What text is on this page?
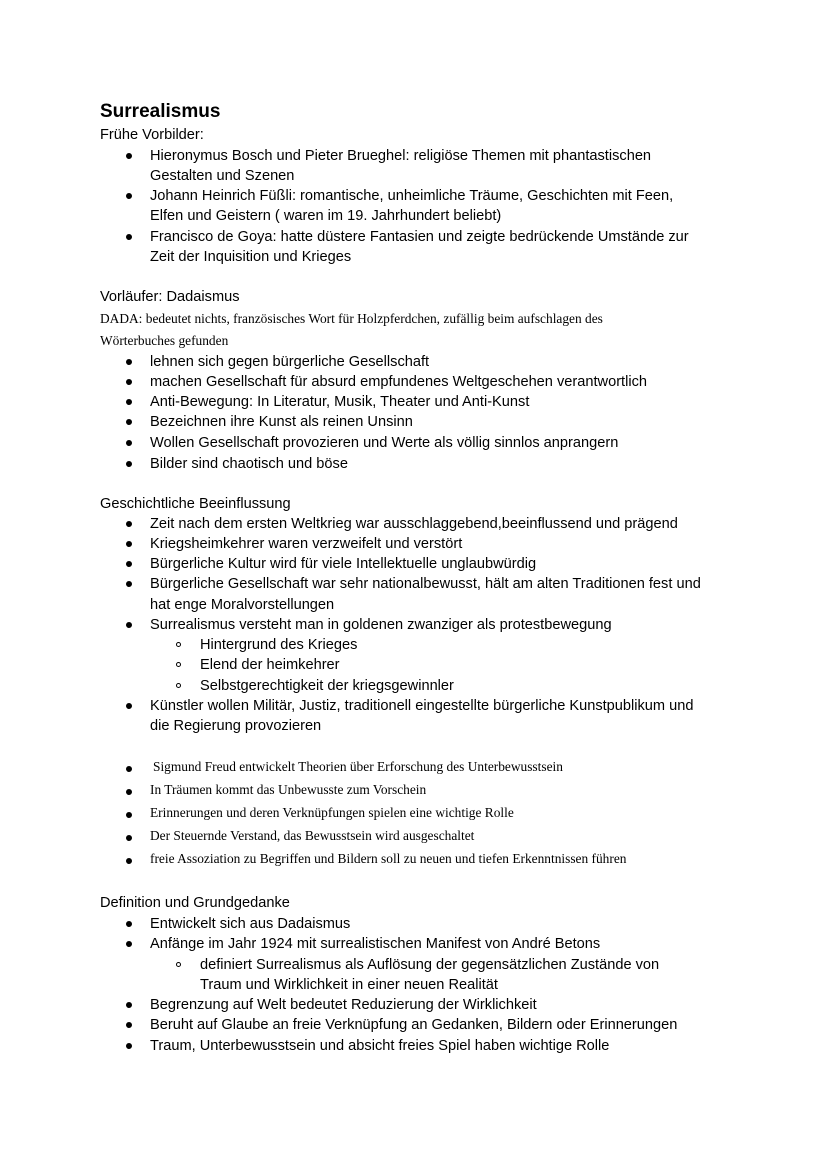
Surrealismus
Frühe Vorbilder:
Hieronymus Bosch und Pieter Brueghel: religiöse Themen mit phantastischen
Gestalten und Szenen
Johann Heinrich Füßli: romantische, unheimliche Träume, Geschichten mit Feen,
Elfen und Geistern ( waren im 19. Jahrhundert beliebt)
Francisco de Goya: hatte düstere Fantasien und zeigte bedrückende Umstände zur
Zeit der Inquisition und Krieges
Vorläufer: Dadaismus
DADA: bedeutet nichts, französisches Wort für Holzpferdchen, zufällig beim aufschlagen des
Wörterbuches gefunden
lehnen sich gegen bürgerliche Gesellschaft
machen Gesellschaft für absurd empfundenes Weltgeschehen verantwortlich
Anti-Bewegung: In Literatur, Musik, Theater und Anti-Kunst
Bezeichnen ihre Kunst als reinen Unsinn
Wollen Gesellschaft provozieren und Werte als völlig sinnlos anprangern
Bilder sind chaotisch und böse
Geschichtliche Beeinflussung
Zeit nach dem ersten Weltkrieg war ausschlaggebend,beeinflussend und prägend
Kriegsheimkehrer waren verzweifelt und verstört
Bürgerliche Kultur wird für viele Intellektuelle unglaubwürdig
Bürgerliche Gesellschaft war sehr nationalbewusst, hält am alten Traditionen fest und
hat enge Moralvorstellungen
Surrealismus versteht man in goldenen zwanziger als protestbewegung
Hintergrund des Krieges
Elend der heimkehrer
Selbstgerechtigkeit der kriegsgewinnler
Künstler wollen Militär, Justiz, traditionell eingestellte bürgerliche Kunstpublikum und
die Regierung provozieren
Sigmund Freud entwickelt Theorien über Erforschung des Unterbewusstsein
In Träumen kommt das Unbewusste zum Vorschein
Erinnerungen und deren Verknüpfungen spielen eine wichtige Rolle
Der Steuernde Verstand, das Bewusstsein wird ausgeschaltet
freie Assoziation zu Begriffen und Bildern soll zu neuen und tiefen Erkenntnissen führen
Definition und Grundgedanke
Entwickelt sich aus Dadaismus
Anfänge im Jahr 1924 mit surrealistischen Manifest von André Betons
definiert Surrealismus als Auflösung der gegensätzlichen Zustände von
Traum und Wirklichkeit in einer neuen Realität
Begrenzung auf Welt bedeutet Reduzierung der Wirklichkeit
Beruht auf Glaube an freie Verknüpfung an Gedanken, Bildern oder Erinnerungen
Traum, Unterbewusstsein und absicht freies Spiel haben wichtige Rolle
